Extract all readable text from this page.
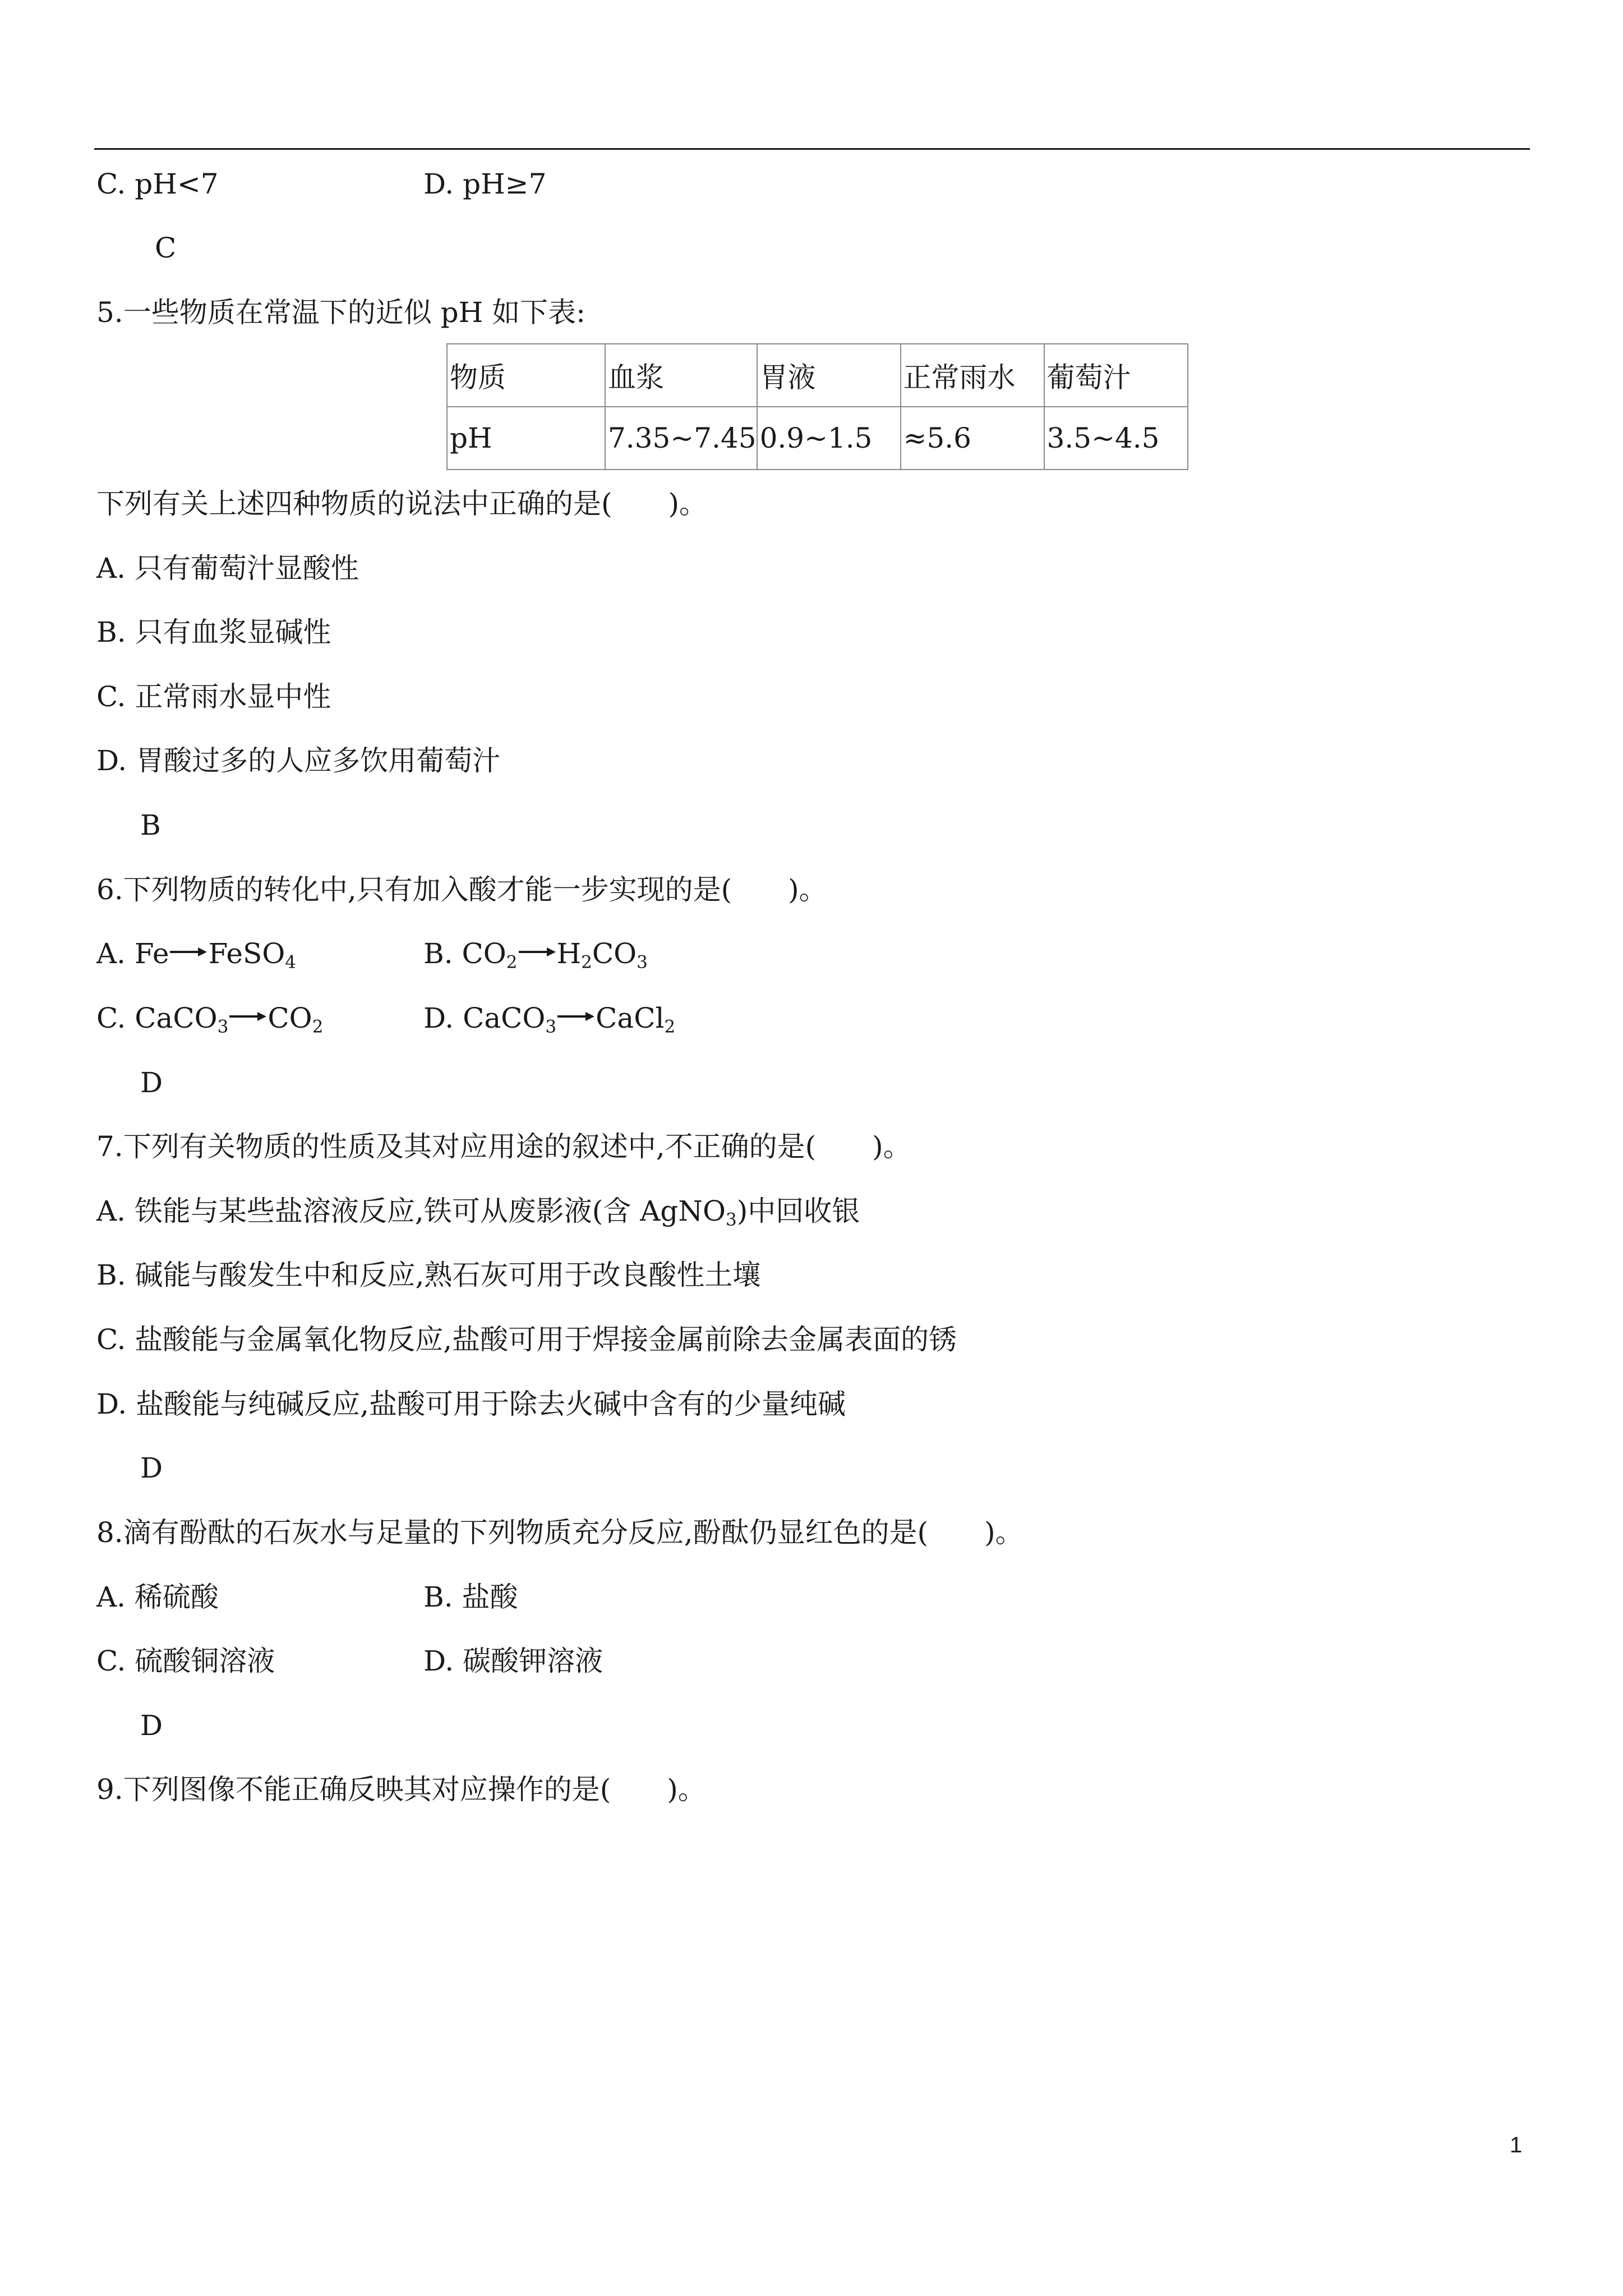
C. pH<7	D. pH≥7
C
5.一些物质在常温下的近似 pH 如下表:
物质	血浆	胃液	正常雨水	葡萄汁
pH	7.35~7.45	0.9~1.5	≈5.6	3.5~4.5
下列有关上述四种物质的说法中正确的是(　　)。
A. 只有葡萄汁显酸性
B. 只有血浆显碱性
C. 正常雨水显中性
D. 胃酸过多的人应多饮用葡萄汁
B
6.下列物质的转化中,只有加入酸才能一步实现的是(　　)。
A. Fe FeSO$_4$	B. $CO_2$ $H_2CO_3$
C. CaCO$_3$ $CO_2$	D. CaCO$_3$ CaCl$_2$
D
7.下列有关物质的性质及其对应用途的叙述中,不正确的是(　　)。
A. 铁能与某些盐溶液反应,铁可从废影液(含 AgNO$_3$)中回收银
B. 碱能与酸发生中和反应,熟石灰可用于改良酸性土壤
C. 盐酸能与金属氧化物反应,盐酸可用于焊接金属前除去金属表面的锈
D. 盐酸能与纯碱反应,盐酸可用于除去火碱中含有的少量纯碱
D
8.滴有酚酞的石灰水与足量的下列物质充分反应,酚酞仍显红色的是(　　)。
A. 稀硫酸	B. 盐酸
C. 硫酸铜溶液	D. 碳酸钾溶液
D
9.下列图像不能正确反映其对应操作的是(　　)。
1
